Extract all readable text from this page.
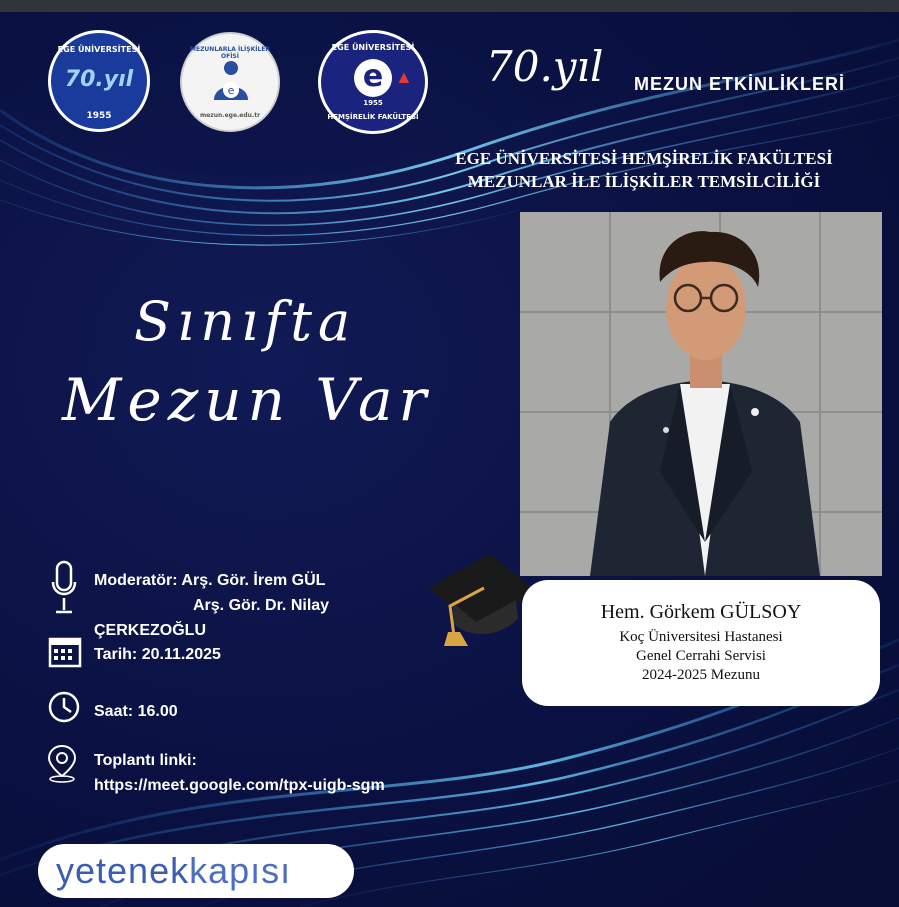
EGE ÜNİVERSİTESİ
70.yıl
1955
MEZUNLARLA İLİŞKİLER OFİSİ
e
mezun.ege.edu.tr
EGE ÜNİVERSİTESİ
e ▲
1955
HEMŞİRELİK FAKÜLTESİ
70.yıl MEZUN ETKİNLİKLERİ
EGE ÜNİVERSİTESİ HEMŞİRELİK FAKÜLTESİ
MEZUNLAR İLE İLİŞKİLER TEMSİLCİLİĞİ
Sınıfta
Mezun Var
Hem. Görkem GÜLSOY
Koç Üniversitesi Hastanesi
Genel Cerrahi Servisi
2024-2025 Mezunu
Moderatör: Arş. Gör. İrem GÜL
Arş. Gör. Dr. Nilay
ÇERKEZOĞLU
Tarih: 20.11.2025
Saat: 16.00
Toplantı linki:
https://meet.google.com/tpx-uigb-sgm
yetenekkapısı
